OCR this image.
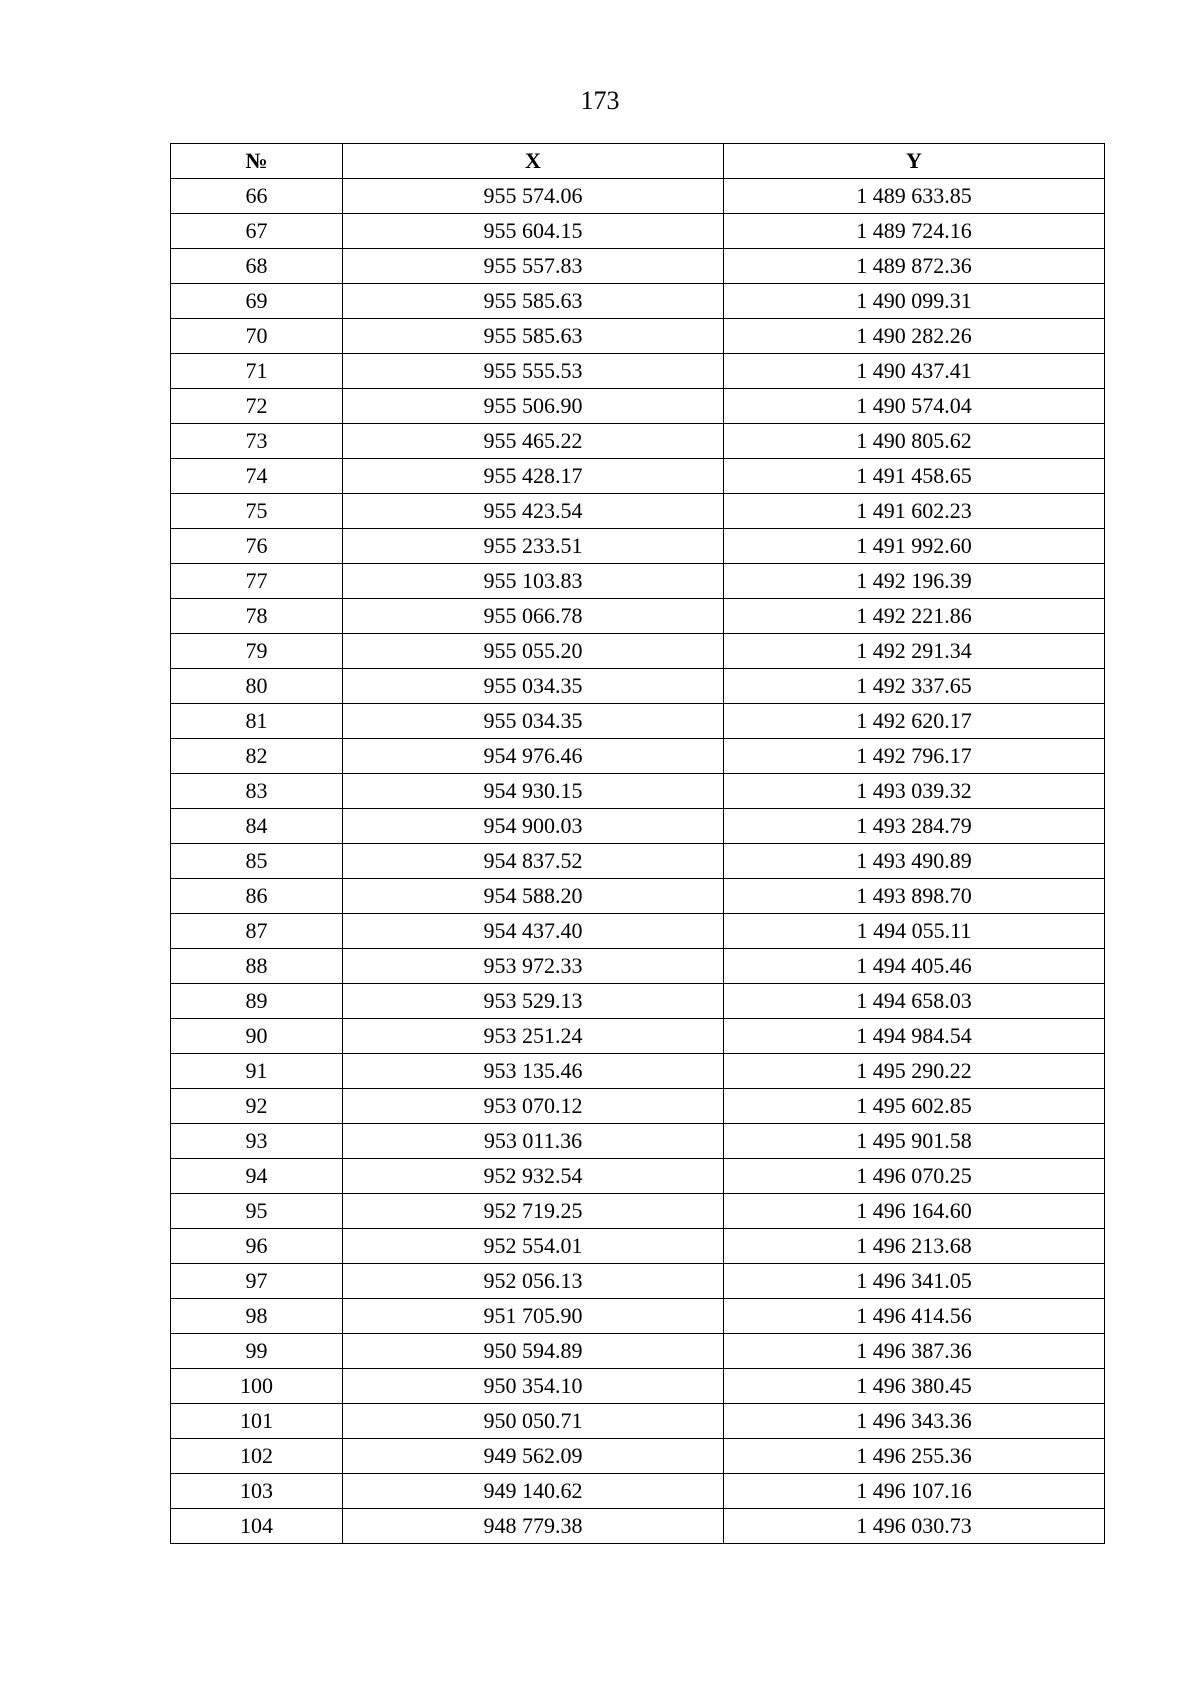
173
№	X	Y
66	955 574.06	1 489 633.85
67	955 604.15	1 489 724.16
68	955 557.83	1 489 872.36
69	955 585.63	1 490 099.31
70	955 585.63	1 490 282.26
71	955 555.53	1 490 437.41
72	955 506.90	1 490 574.04
73	955 465.22	1 490 805.62
74	955 428.17	1 491 458.65
75	955 423.54	1 491 602.23
76	955 233.51	1 491 992.60
77	955 103.83	1 492 196.39
78	955 066.78	1 492 221.86
79	955 055.20	1 492 291.34
80	955 034.35	1 492 337.65
81	955 034.35	1 492 620.17
82	954 976.46	1 492 796.17
83	954 930.15	1 493 039.32
84	954 900.03	1 493 284.79
85	954 837.52	1 493 490.89
86	954 588.20	1 493 898.70
87	954 437.40	1 494 055.11
88	953 972.33	1 494 405.46
89	953 529.13	1 494 658.03
90	953 251.24	1 494 984.54
91	953 135.46	1 495 290.22
92	953 070.12	1 495 602.85
93	953 011.36	1 495 901.58
94	952 932.54	1 496 070.25
95	952 719.25	1 496 164.60
96	952 554.01	1 496 213.68
97	952 056.13	1 496 341.05
98	951 705.90	1 496 414.56
99	950 594.89	1 496 387.36
100	950 354.10	1 496 380.45
101	950 050.71	1 496 343.36
102	949 562.09	1 496 255.36
103	949 140.62	1 496 107.16
104	948 779.38	1 496 030.73
